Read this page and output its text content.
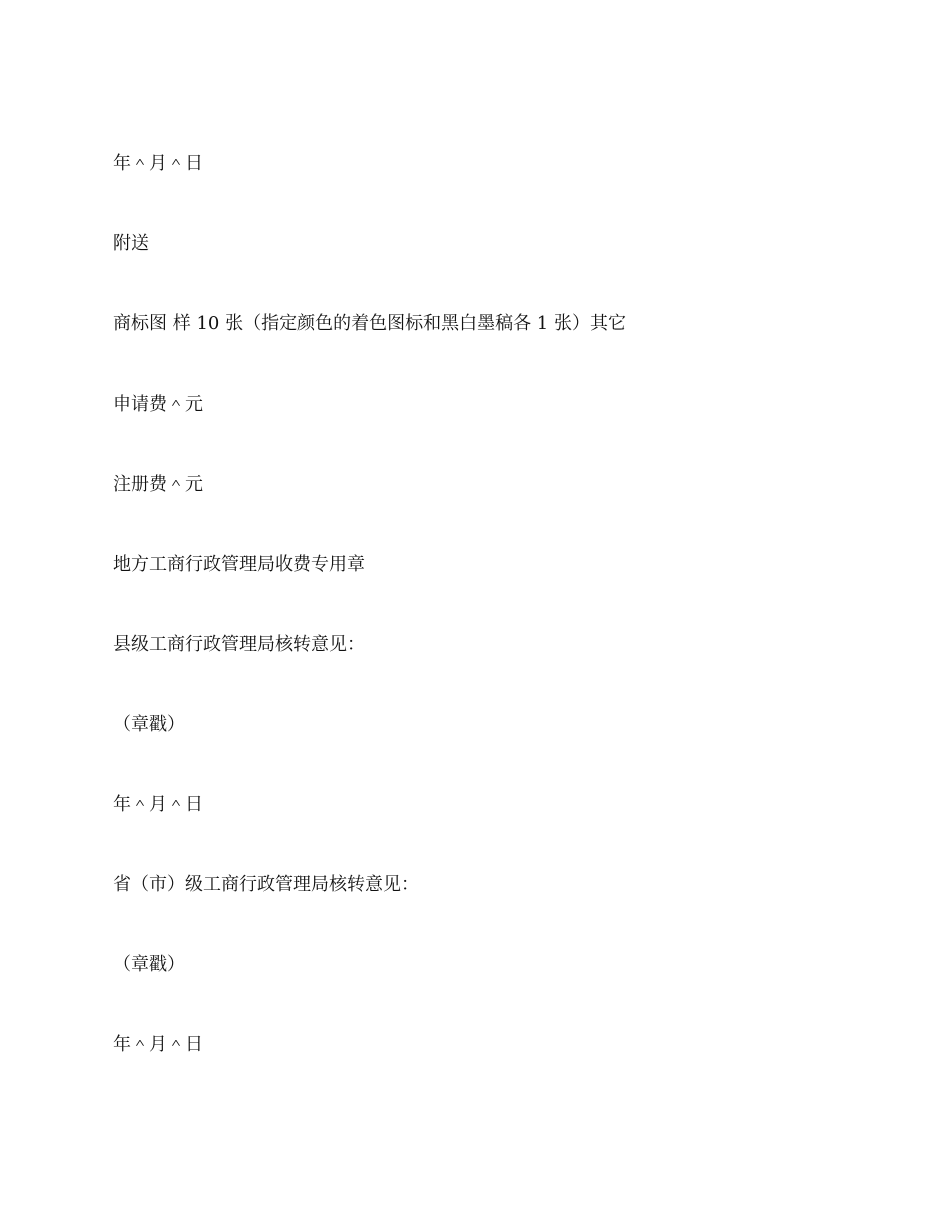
年＾月＾日
附送
商标图 样 10 张（指定颜色的着色图标和黑白墨稿各 1 张）其它
申请费＾元
注册费＾元
地方工商行政管理局收费专用章
县级工商行政管理局核转意见：
（章戳）
年＾月＾日
省（市）级工商行政管理局核转意见：
（章戳）
年＾月＾日
